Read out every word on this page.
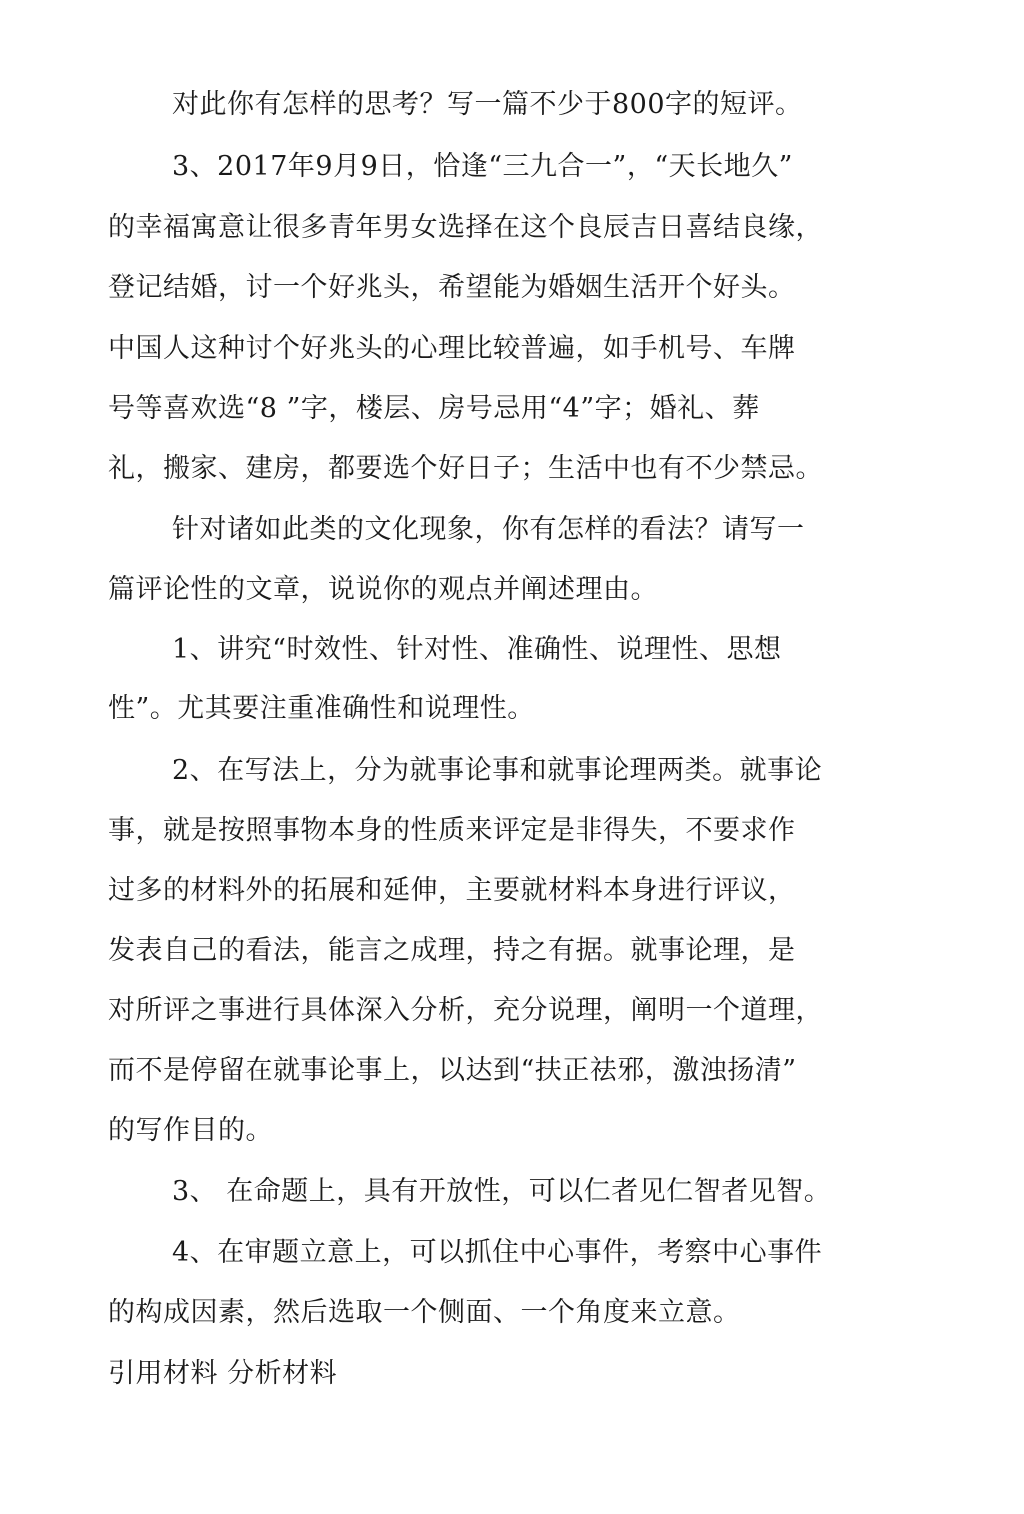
对此你有怎样的思考？写一篇不少于800字的短评。
3、2017年9月9日，恰逢“三九合一”，“天长地久”
的幸福寓意让很多青年男女选择在这个良辰吉日喜结良缘，
登记结婚，讨一个好兆头，希望能为婚姻生活开个好头。
中国人这种讨个好兆头的心理比较普遍，如手机号、车牌
号等喜欢选“8 ”字，楼层、房号忌用“4”字；婚礼、葬
礼，搬家、建房，都要选个好日子；生活中也有不少禁忌。
针对诸如此类的文化现象，你有怎样的看法？请写一
篇评论性的文章，说说你的观点并阐述理由。
1、讲究“时效性、针对性、准确性、说理性、思想
性”。尤其要注重准确性和说理性。
2、在写法上，分为就事论事和就事论理两类。就事论
事，就是按照事物本身的性质来评定是非得失，不要求作
过多的材料外的拓展和延伸，主要就材料本身进行评议，
发表自己的看法，能言之成理，持之有据。就事论理，是
对所评之事进行具体深入分析，充分说理，阐明一个道理，
而不是停留在就事论事上，以达到“扶正祛邪，激浊扬清”
的写作目的。
3、 在命题上，具有开放性，可以仁者见仁智者见智。
4、在审题立意上，可以抓住中心事件，考察中心事件
的构成因素，然后选取一个侧面、一个角度来立意。
引用材料 分析材料
